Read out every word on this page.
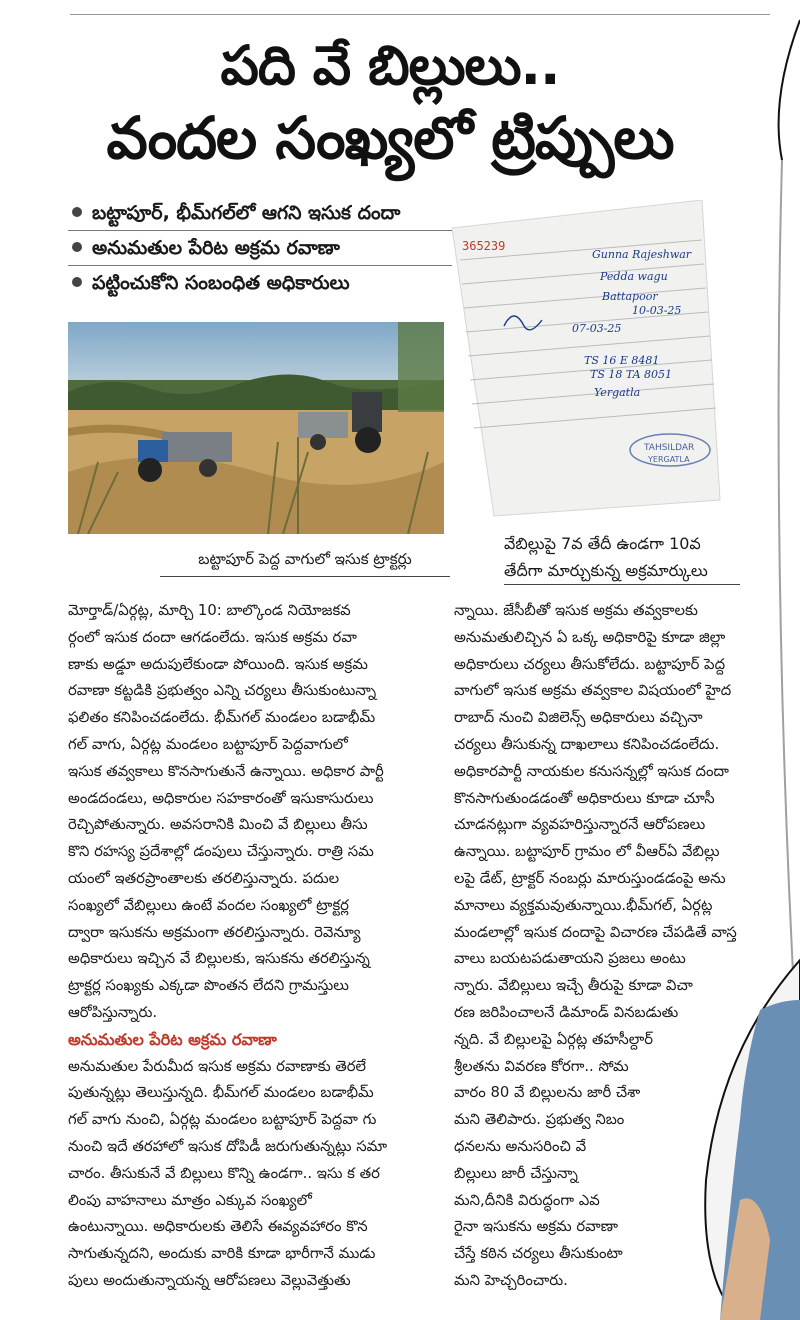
పది వే బిల్లులు..
వందల సంఖ్యలో ట్రిప్పులు
బట్టాపూర్, భీమ్‌గల్‌లో ఆగని ఇసుక దందా
అనుమతుల పేరిట అక్రమ రవాణా
పట్టించుకోని సంబంధిత అధికారులు
బట్టాపూర్ పెద్ద వాగులో ఇసుక ట్రాక్టర్లు
365239
Gunna Rajeshwar
Pedda wagu
Battapoor
10-03-25
07-03-25
TS 16 E 8481
TS 18 TA 8051
Yergatla
TAHSILDAR
YERGATLA
వేబిల్లుపై 7వ తేదీ ఉండగా 10వ
తేదీగా మార్చుకున్న అక్రమార్కులు

మోర్తాడ్/ఏర్గట్ల, మార్చి 10: బాల్కొండ నియోజకవ

ర్గంలో ఇసుక దందా ఆగడంలేదు. ఇసుక అక్రమ రవా

ణాకు అడ్డూ అదుపులేకుండా పోయింది. ఇసుక అక్రమ

రవాణా కట్టడికి ప్రభుత్వం ఎన్ని చర్యలు తీసుకుంటున్నా

ఫలితం కనిపించడంలేదు. భీమ్‌గల్ మండలం బడాభీమ్

గల్ వాగు, ఏర్గట్ల మండలం బట్టాపూర్ పెద్దవాగులో

ఇసుక తవ్వకాలు కొనసాగుతునే ఉన్నాయి. అధికార పార్టీ

అండదండలు, అధికారుల సహకారంతో ఇసుకాసురులు

రెచ్చిపోతున్నారు. అవసరానికి మించి వే బిల్లులు తీసు

కొని రహస్య ప్రదేశాల్లో డంపులు చేస్తున్నారు. రాత్రి సమ

యంలో ఇతరప్రాంతాలకు తరలిస్తున్నారు. పదుల

సంఖ్యలో వేబిల్లులు ఉంటే వందల సంఖ్యలో ట్రాక్టర్ల

ద్వారా ఇసుకను అక్రమంగా తరలిస్తున్నారు. రెవెన్యూ

అధికారులు ఇచ్చిన వే బిల్లులకు, ఇసుకను తరలిస్తున్న

ట్రాక్టర్ల సంఖ్యకు ఎక్కడా పొంతన లేదని గ్రామస్తులు

ఆరోపిస్తున్నారు.

అనుమతుల పేరిట అక్రమ రవాణా

అనుమతుల పేరుమీద ఇసుక అక్రమ రవాణాకు తెరలే

పుతున్నట్లు తెలుస్తున్నది. భీమ్‌గల్ మండలం బడాభీమ్

గల్ వాగు నుంచి, ఏర్గట్ల మండలం బట్టాపూర్ పెద్దవా గు

నుంచి ఇదే తరహాలో ఇసుక దోపిడీ జరుగుతున్నట్లు సమా

చారం. తీసుకునే వే బిల్లులు కొన్ని ఉండగా.. ఇసు క తర

లింపు వాహనాలు మాత్రం ఎక్కువ సంఖ్యలో

ఉంటున్నాయి. అధికారులకు తెలిసే ఈవ్యవహారం కొన

సాగుతున్నదని, అందుకు వారికి కూడా భారీగానే ముడు

పులు అందుతున్నాయన్న ఆరోపణలు వెల్లువెత్తుతు

న్నాయి. జేసీబీతో ఇసుక అక్రమ తవ్వకాలకు

అనుమతులిచ్చిన ఏ ఒక్క అధికారిపై కూడా జిల్లా

అధికారులు చర్యలు తీసుకోలేదు. బట్టాపూర్ పెద్ద

వాగులో ఇసుక అక్రమ తవ్వకాల విషయంలో హైద

రాబాద్ నుంచి విజిలెన్స్ అధికారులు వచ్చినా

చర్యలు తీసుకున్న దాఖలాలు కనిపించడంలేదు.

అధికారపార్టీ నాయకుల కనుసన్నల్లో ఇసుక దందా

కొనసాగుతుండడంతో అధికారులు కూడా చూసీ

చూడనట్లుగా వ్యవహరిస్తున్నారనే ఆరోపణలు

ఉన్నాయి. బట్టాపూర్ గ్రామం లో వీఆర్‌ఏ వేబిల్లు

లపై డేట్, ట్రాక్టర్ నంబర్లు మారుస్తుండడంపై అను

మానాలు వ్యక్తమవుతున్నాయి.భీమ్‌గల్, ఏర్గట్ల

మండలాల్లో ఇసుక దందాపై విచారణ చేపడితే వాస్త

వాలు బయటపడుతాయని ప్రజలు అంటు

న్నారు. వేబిల్లులు ఇచ్చే తీరుపై కూడా విచా

రణ జరిపించాలనే డిమాండ్ వినబడుతు

న్నది. వే బిల్లులపై ఏర్గట్ల తహసీల్దార్

శ్రీలతను వివరణ కోరగా.. సోమ

వారం 80 వే బిల్లులను జారీ చేశా

మని తెలిపారు. ప్రభుత్వ నిబం

ధనలను అనుసరించి వే

బిల్లులు జారీ చేస్తున్నా

మని,దీనికి విరుద్ధంగా ఎవ

రైనా ఇసుకను అక్రమ రవాణా

చేస్తే కఠిన చర్యలు తీసుకుంటా

మని హెచ్చరించారు.
